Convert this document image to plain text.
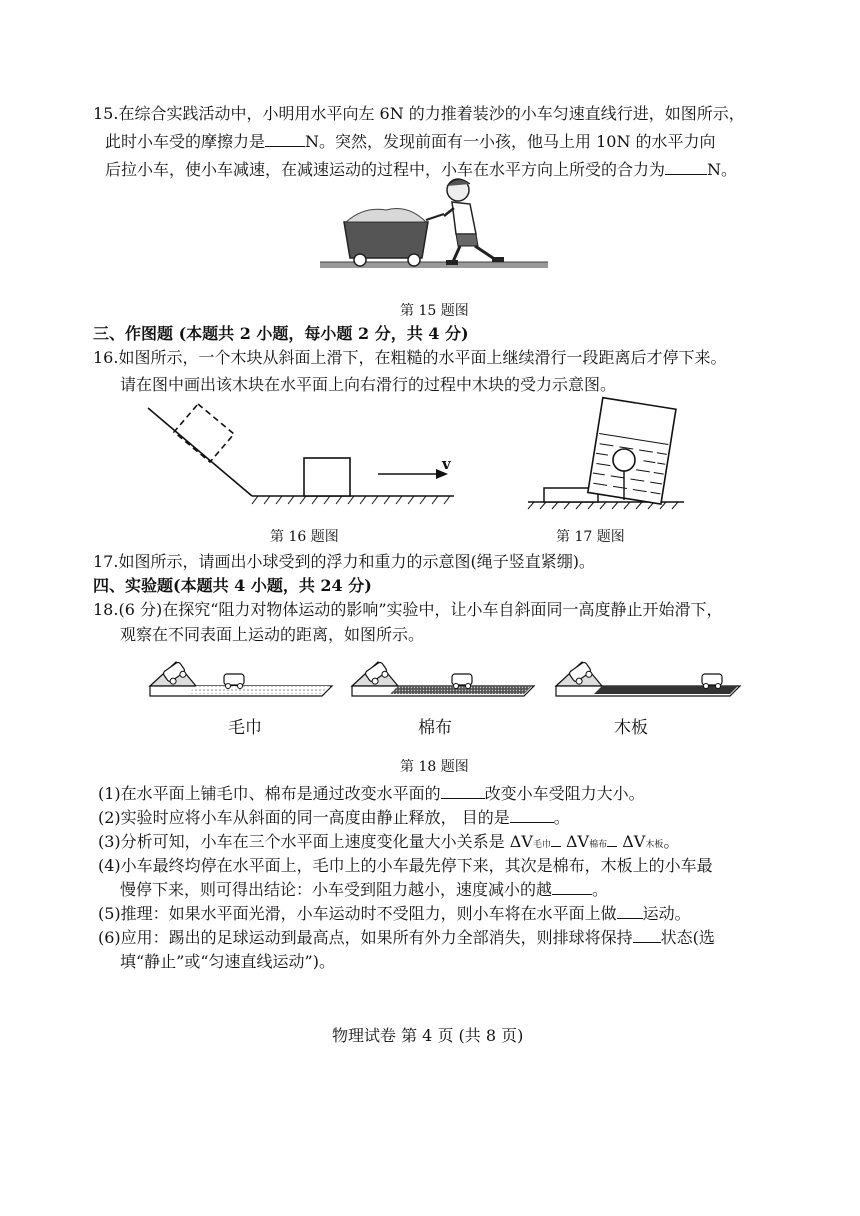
15.在综合实践活动中，小明用水平向左 6N 的力推着装沙的小车匀速直线行进，如图所示，
此时小车受的摩擦力是	N。突然，发现前面有一小孩，他马上用 10N 的水平力向
后拉小车，使小车减速，在减速运动的过程中，小车在水平方向上所受的合力为	N。
第 15 题图
三、作图题 (本题共 2 小题，每小题 2 分，共 4 分)
16.如图所示，一个木块从斜面上滑下，在粗糙的水平面上继续滑行一段距离后才停下来。
请在图中画出该木块在水平面上向右滑行的过程中木块的受力示意图。
v
第 16 题图	第 17 题图
17.如图所示，请画出小球受到的浮力和重力的示意图(绳子竖直紧绷)。
四、实验题(本题共 4 小题，共 24 分)
18.(6 分)在探究“阻力对物体运动的影响”实验中，让小车自斜面同一高度静止开始滑下，
观察在不同表面上运动的距离，如图所示。
毛巾	棉布	木板
第 18 题图
(1)在水平面上铺毛巾、棉布是通过改变水平面的	改变小车受阻力大小。
(2)实验时应将小车从斜面的同一高度由静止释放， 目的是	。
(3)分析可知，小车在三个水平面上速度变化量大小关系是 ΔV毛巾 ΔV棉布 ΔV木板。
(4)小车最终均停在水平面上，毛巾上的小车最先停下来，其次是棉布，木板上的小车最
慢停下来，则可得出结论：小车受到阻力越小，速度减小的越	。
(5)推理：如果水平面光滑，小车运动时不受阻力，则小车将在水平面上做 运动。
(6)应用：踢出的足球运动到最高点，如果所有外力全部消失，则排球将保持 状态(选
填“静止”或“匀速直线运动”)。
物理试卷 第 4 页 (共 8 页)
